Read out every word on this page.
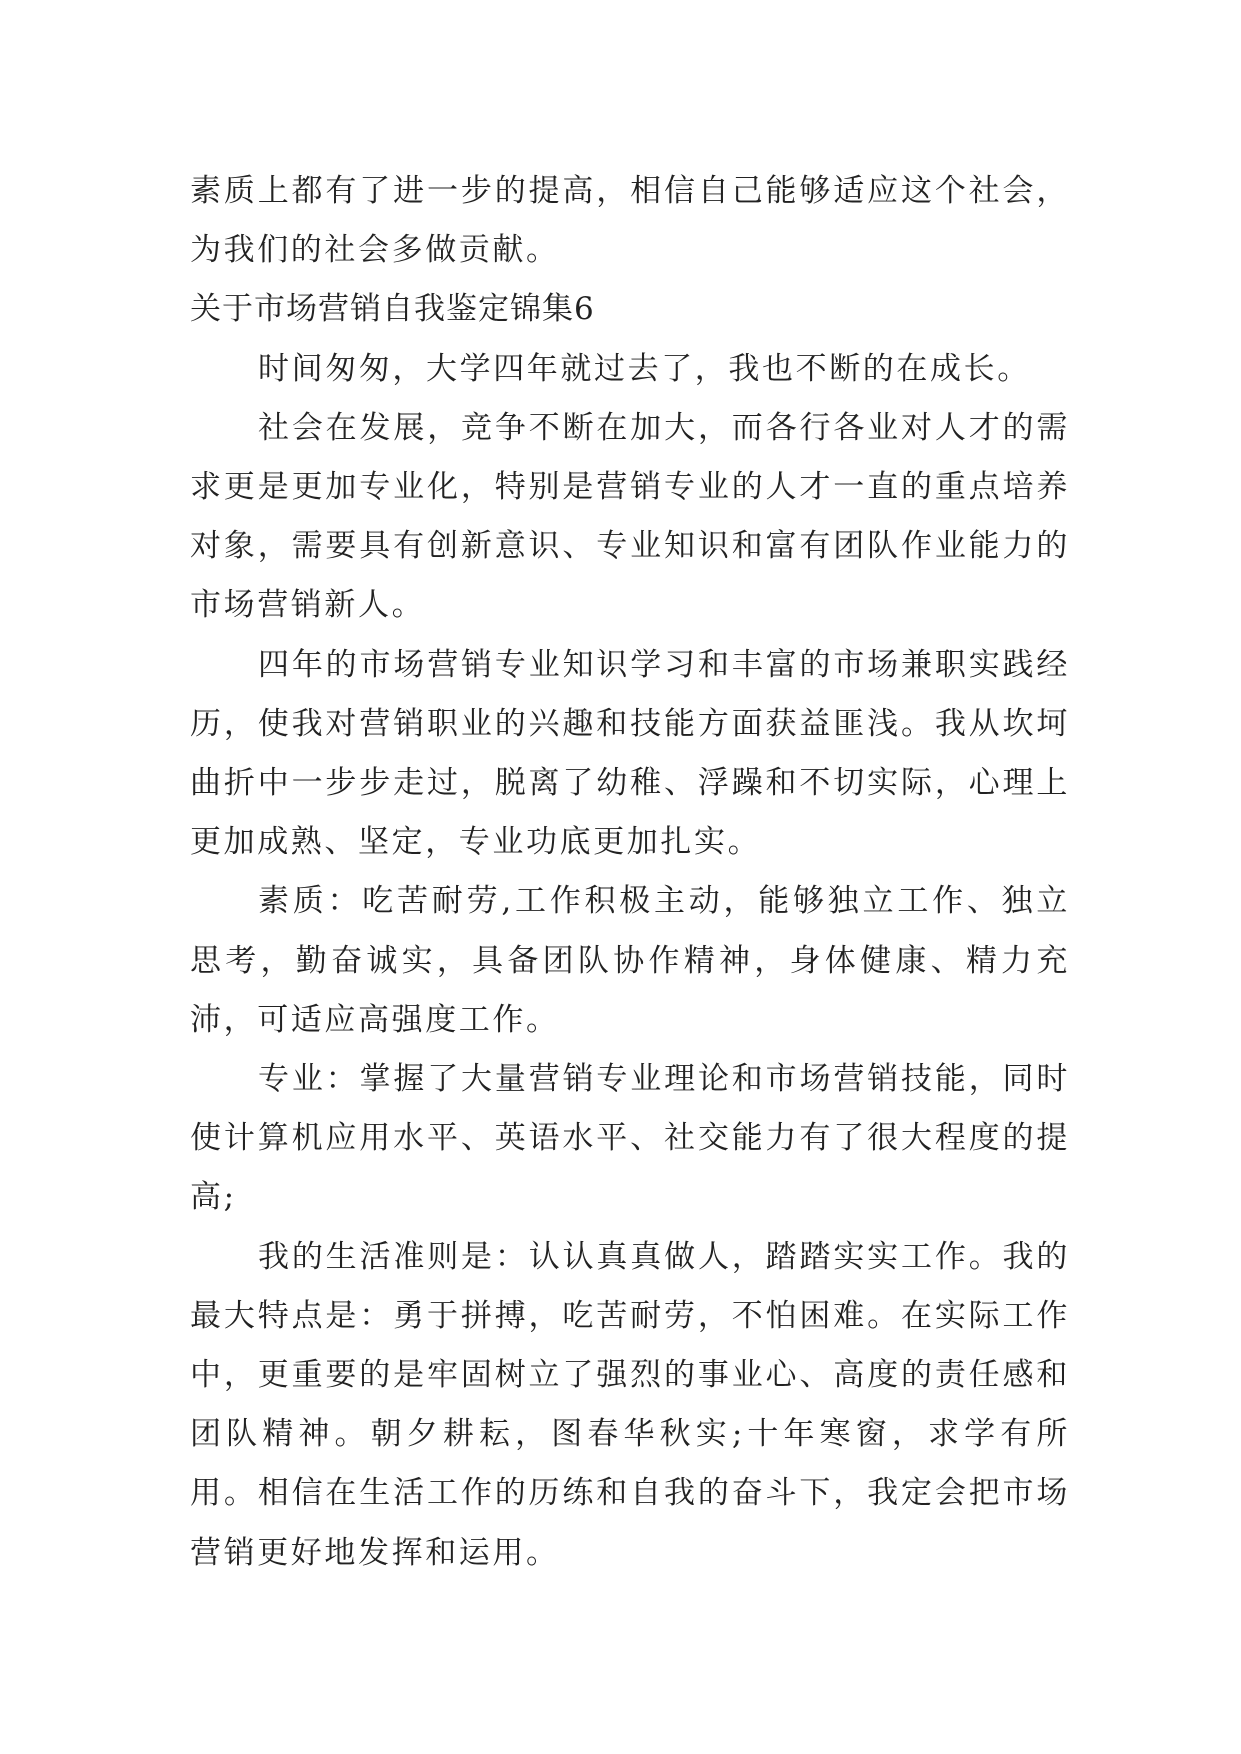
素质上都有了进一步的提高，相信自己能够适应这个社会，为我们的社会多做贡献。

关于市场营销自我鉴定锦集6

时间匆匆，大学四年就过去了，我也不断的在成长。

社会在发展，竞争不断在加大，而各行各业对人才的需求更是更加专业化，特别是营销专业的人才一直的重点培养对象，需要具有创新意识、专业知识和富有团队作业能力的市场营销新人。

四年的市场营销专业知识学习和丰富的市场兼职实践经历，使我对营销职业的兴趣和技能方面获益匪浅。我从坎坷曲折中一步步走过，脱离了幼稚、浮躁和不切实际，心理上更加成熟、坚定，专业功底更加扎实。

素质：吃苦耐劳,工作积极主动，能够独立工作、独立思考，勤奋诚实，具备团队协作精神，身体健康、精力充沛，可适应高强度工作。

专业：掌握了大量营销专业理论和市场营销技能，同时使计算机应用水平、英语水平、社交能力有了很大程度的提高;

我的生活准则是：认认真真做人，踏踏实实工作。我的最大特点是：勇于拼搏，吃苦耐劳，不怕困难。在实际工作中，更重要的是牢固树立了强烈的事业心、高度的责任感和团队精神。朝夕耕耘，图春华秋实;十年寒窗，求学有所用。相信在生活工作的历练和自我的奋斗下，我定会把市场营销更好地发挥和运用。
